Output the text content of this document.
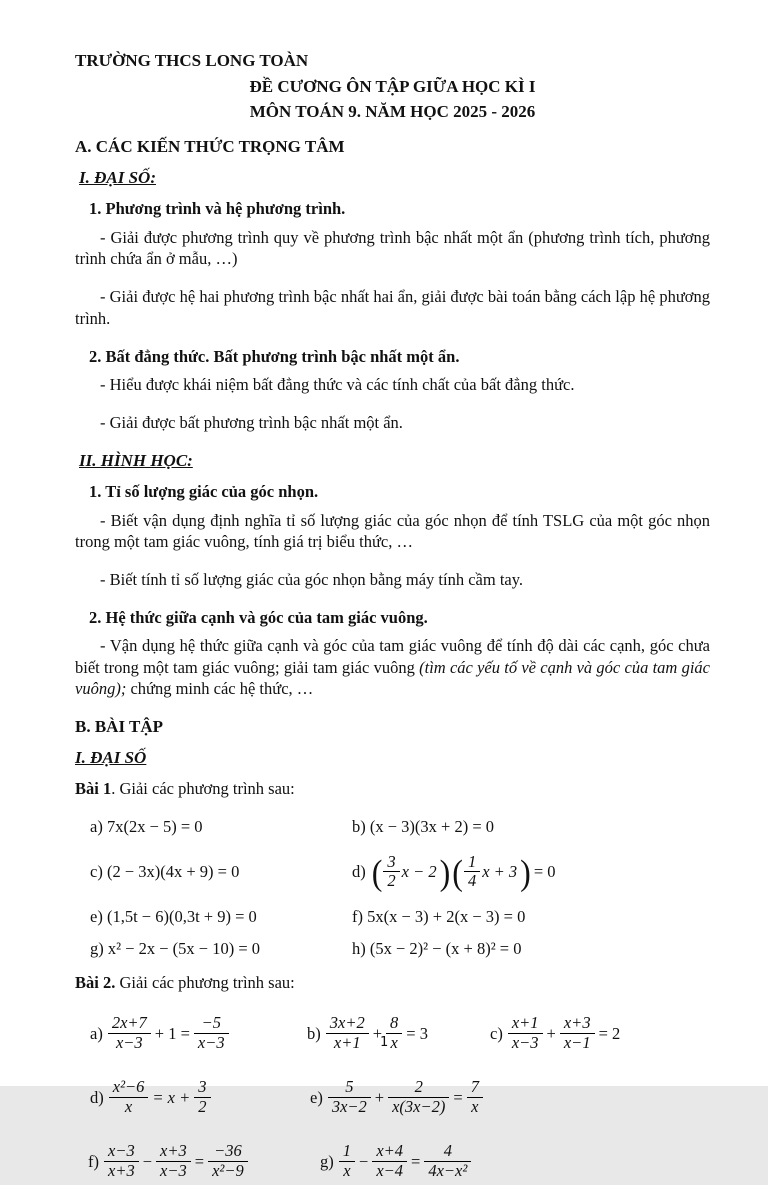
TRƯỜNG THCS LONG TOÀN

ĐỀ CƯƠNG ÔN TẬP GIỮA HỌC KÌ I

MÔN TOÁN 9. NĂM HỌC 2025 - 2026

A. CÁC KIẾN THỨC TRỌNG TÂM
I. ĐẠI SỐ:
1. Phương trình và hệ phương trình.

- Giải được phương trình quy về phương trình bậc nhất một ẩn (phương trình tích, phương trình chứa ẩn ở mẫu, …)

- Giải được hệ hai phương trình bậc nhất hai ẩn, giải được bài toán bằng cách lập hệ phương trình.

2. Bất đẳng thức. Bất phương trình bậc nhất một ẩn.

- Hiểu được khái niệm bất đẳng thức và các tính chất của bất đẳng thức.

- Giải được bất phương trình bậc nhất một ẩn.

II. HÌNH HỌC:
1. Tỉ số lượng giác của góc nhọn.

- Biết vận dụng định nghĩa tỉ số lượng giác của góc nhọn để tính TSLG của một góc nhọn trong một tam giác vuông, tính giá trị biểu thức, …

- Biết tính tỉ số lượng giác của góc nhọn bằng máy tính cầm tay.

2. Hệ thức giữa cạnh và góc của tam giác vuông.

- Vận dụng hệ thức giữa cạnh và góc của tam giác vuông để tính độ dài các cạnh, góc chưa biết trong một tam giác vuông; giải tam giác vuông (tìm các yếu tố về cạnh và góc của tam giác vuông); chứng minh các hệ thức, …

B. BÀI TẬP
I. ĐẠI SỐ

Bài 1. Giải các phương trình sau:

a) 7x(2x − 5) = 0	b) (x − 3)(3x + 2) = 0
c) (2 − 3x)(4x + 9) = 0	d) ( $\frac{3}{2}$ x − 2 ) ( $\frac{1}{4}$ x + 3 ) = 0
e) (1,5t − 6)(0,3t + 9) = 0	f) 5x(x − 3) + 2(x − 3) = 0
g) x² − 2x − (5x − 10) = 0	h) (5x − 2)² − (x + 8)² = 0

Bài 2. Giải các phương trình sau:

$a) \frac{2x+7}{x-3} + 1 = \frac{-5}{x-3}$	$b) \frac{3x+2}{x+1} + \frac{8}{x} = 3$	$c) \frac{x+1}{x-3} + \frac{x+3}{x-1} = 2$
$d) \frac{\text{x²−6}}{x} = x + \frac{3}{2}$	$e) \frac{5}{3x-2} + \frac{2}{x(3x-2)} = \frac{7}{x}$
$f) \frac{x-3}{x+3} - \frac{x+3}{x-3} = \frac{-36}{\text{x²−9}}$	$g) \frac{1}{x} - \frac{x+4}{x-4} = \frac{4}{\text{4x−x²}}$
1
